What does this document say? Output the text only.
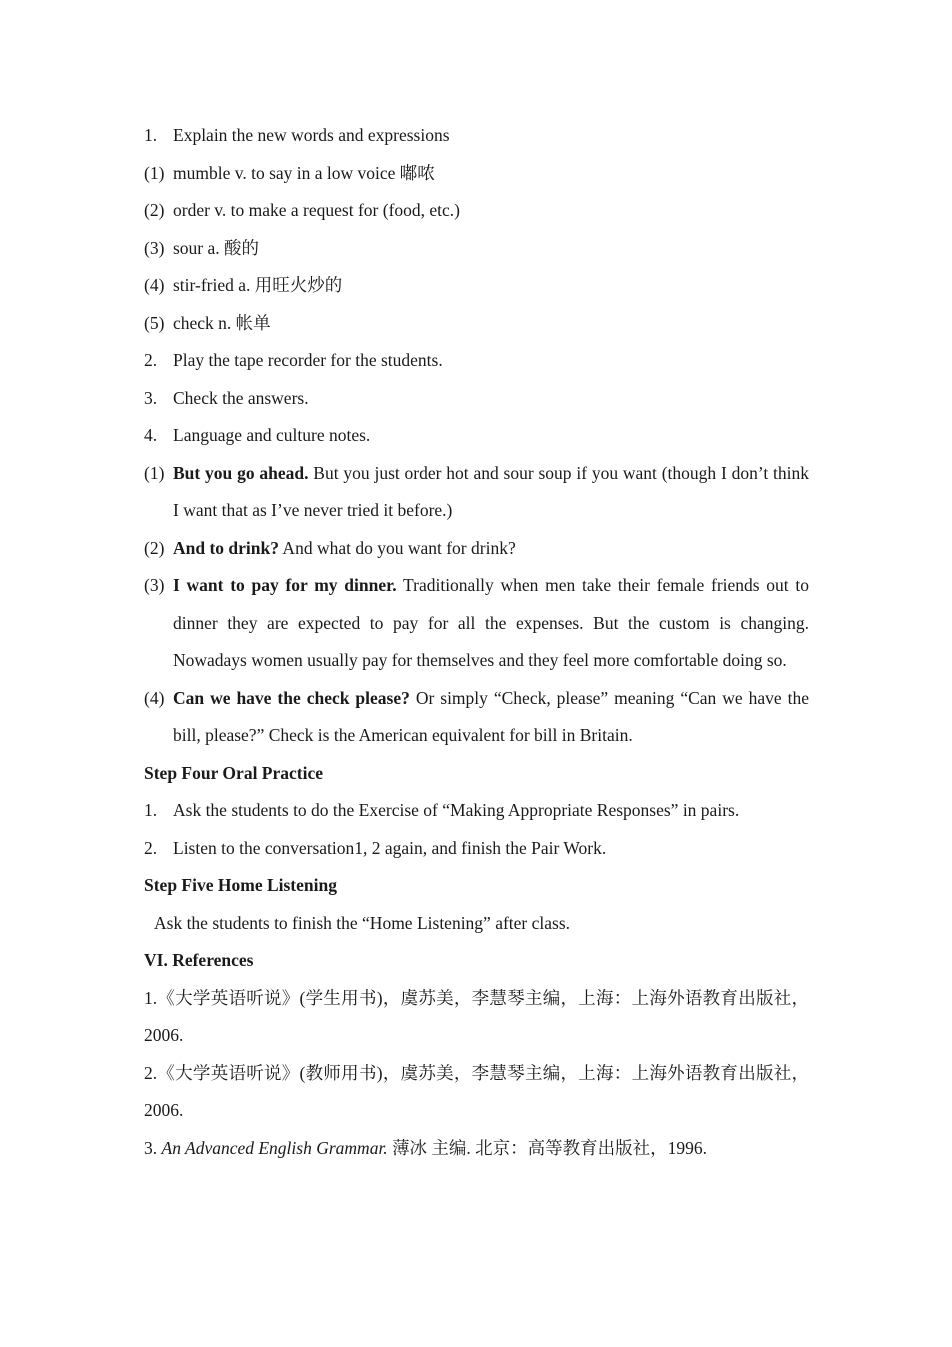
1. Explain the new words and expressions
(1) mumble v. to say in a low voice 嘟哝
(2) order v. to make a request for (food, etc.)
(3) sour a. 酸的
(4) stir-fried a. 用旺火炒的
(5) check n. 帐单
2. Play the tape recorder for the students.
3. Check the answers.
4. Language and culture notes.
(1) But you go ahead. But you just order hot and sour soup if you want (though I don’t think I want that as I’ve never tried it before.)
(2) And to drink? And what do you want for drink?
(3) I want to pay for my dinner. Traditionally when men take their female friends out to dinner they are expected to pay for all the expenses. But the custom is changing. Nowadays women usually pay for themselves and they feel more comfortable doing so.
(4) Can we have the check please? Or simply “Check, please” meaning “Can we have the bill, please?” Check is the American equivalent for bill in Britain.
Step Four Oral Practice
1. Ask the students to do the Exercise of “Making Appropriate Responses” in pairs.
2. Listen to the conversation1, 2 again, and finish the Pair Work.
Step Five Home Listening
Ask the students to finish the “Home Listening” after class.
VI. References
1.《大学英语听说》(学生用书)，虞苏美，李慧琴主编，上海：上海外语教育出版社，2006.
2.《大学英语听说》(教师用书)，虞苏美，李慧琴主编，上海：上海外语教育出版社，2006.
3. An Advanced English Grammar. 薄冰 主编. 北京：高等教育出版社，1996.
